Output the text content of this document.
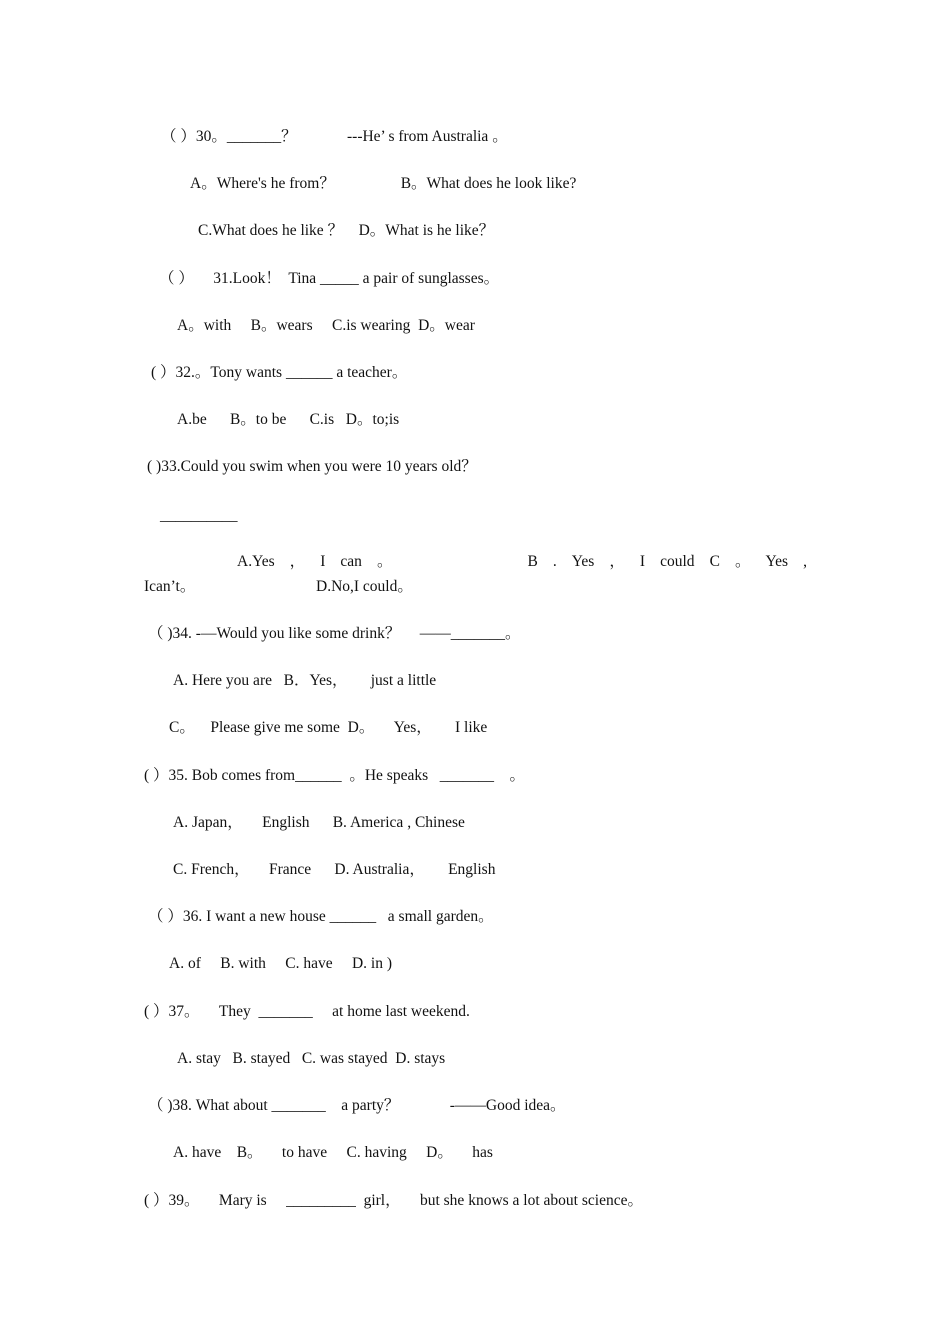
（ ）30。_______？             ---He’ s from Australia 。
A。Where's he from？                 B。What does he look like?
C.What does he like ？    D。What is he like？
（ ）     31.Look！  Tina _____ a pair of sunglasses。
A。with     B。wears     C.is wearing  D。wear
( ）32.。Tony wants ______ a teacher。
A.be      B。to be      C.is   D。to;is
( )33.Could you swim when you were 10 years old？
__________
A.Yes ， I can 。	B . Yes ， I could C 。 Yes ,
Ican’t。	D.No,I could。
（ )34. -—Would you like some drink？     ——_______。
A. Here you are   B．Yes，      just a little
C。    Please give me some  D。     Yes，      I like
( ）35. Bob comes from______  。He speaks   _______    。
A. Japan，     English      B. America , Chinese
C. French，     France      D. Australia，      English
（ ）36. I want a new house ______   a small garden。
A. of     B. with     C. have     D. in )
( ）37。     They  _______     at home last weekend.
A. stay   B. stayed   C. was stayed  D. stays
（ )38. What about _______    a party？             -——Good idea。
A. have    B。     to have     C. having     D。     has
( ）39。     Mary is     _________  girl，     but she knows a lot about science。
